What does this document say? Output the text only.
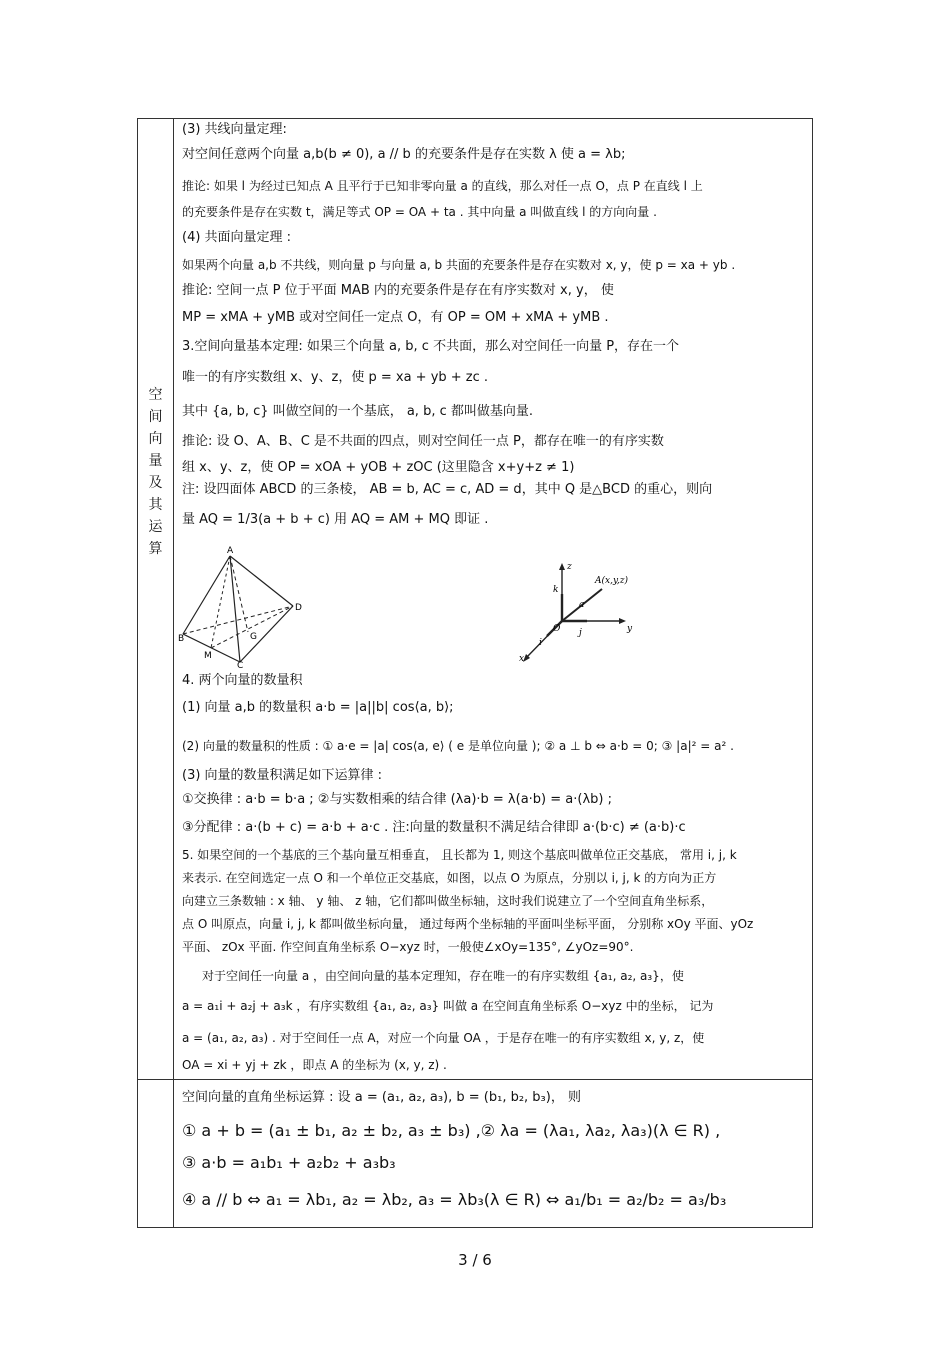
空
间
向
量
及
其
运
算
(3) 共线向量定理:
对空间任意两个向量 a,b(b ≠ 0), a // b 的充要条件是存在实数 λ 使 a = λb;
推论: 如果 l 为经过已知点 A 且平行于已知非零向量 a 的直线，那么对任一点 O，点 P 在直线 l 上
的充要条件是存在实数 t，满足等式 OP = OA + ta . 其中向量 a 叫做直线 l 的方向向量 .
(4) 共面向量定理 :
如果两个向量 a,b 不共线，则向量 p 与向量 a, b 共面的充要条件是存在实数对 x, y，使 p = xa + yb .
推论: 空间一点 P 位于平面 MAB 内的充要条件是存在有序实数对 x, y， 使
MP = xMA + yMB 或对空间任一定点 O，有 OP = OM + xMA + yMB .
3.空间向量基本定理: 如果三个向量 a, b, c 不共面，那么对空间任一向量 P，存在一个
唯一的有序实数组 x、y、z，使 p = xa + yb + zc .
其中 {a, b, c} 叫做空间的一个基底， a, b, c 都叫做基向量.
推论: 设 O、A、B、C 是不共面的四点，则对空间任一点 P，都存在唯一的有序实数
组 x、y、z，使 OP = xOA + yOB + zOC (这里隐含 x+y+z ≠ 1)
注: 设四面体 ABCD 的三条棱， AB = b, AC = c, AD = d，其中 Q 是△BCD 的重心，则向
量 AQ = 1/3(a + b + c) 用 AQ = AM + MQ 即证 .
A
B
C
D
M
G
z
y
x
O
k
j
i
a
A(x,y,z)
4. 两个向量的数量积
(1) 向量 a,b 的数量积 a·b = |a||b| cos⟨a, b⟩;
(2) 向量的数量积的性质 : ① a·e = |a| cos⟨a, e⟩ ( e 是单位向量 ); ② a ⊥ b ⇔ a·b = 0; ③ |a|² = a² .
(3) 向量的数量积满足如下运算律 :
①交换律 : a·b = b·a ; ②与实数相乘的结合律 (λa)·b = λ(a·b) = a·(λb) ;
③分配律 : a·(b + c) = a·b + a·c . 注:向量的数量积不满足结合律即 a·(b·c) ≠ (a·b)·c
5. 如果空间的一个基底的三个基向量互相垂直， 且长都为 1, 则这个基底叫做单位正交基底， 常用 i, j, k
来表示. 在空间选定一点 O 和一个单位正交基底，如图，以点 O 为原点，分别以 i, j, k 的方向为正方
向建立三条数轴 : x 轴、 y 轴、 z 轴，它们都叫做坐标轴，这时我们说建立了一个空间直角坐标系，
点 O 叫原点，向量 i, j, k 都叫做坐标向量， 通过每两个坐标轴的平面叫坐标平面， 分别称 xOy 平面、yOz
平面、 zOx 平面. 作空间直角坐标系 O−xyz 时，一般使∠xOy=135°, ∠yOz=90°.
对于空间任一向量 a ，由空间向量的基本定理知，存在唯一的有序实数组 {a₁, a₂, a₃}，使
a = a₁i + a₂j + a₃k ，有序实数组 {a₁, a₂, a₃} 叫做 a 在空间直角坐标系 O−xyz 中的坐标， 记为
a = (a₁, a₂, a₃) . 对于空间任一点 A，对应一个向量 OA ，于是存在唯一的有序实数组 x, y, z，使
OA = xi + yj + zk ，即点 A 的坐标为 (x, y, z) .
空间向量的直角坐标运算 : 设 a = (a₁, a₂, a₃), b = (b₁, b₂, b₃)， 则
① a + b = (a₁ ± b₁, a₂ ± b₂, a₃ ± b₃) ,② λa = (λa₁, λa₂, λa₃)(λ ∈ R) ,
③ a·b = a₁b₁ + a₂b₂ + a₃b₃
④ a // b ⇔ a₁ = λb₁, a₂ = λb₂, a₃ = λb₃(λ ∈ R) ⇔ a₁/b₁ = a₂/b₂ = a₃/b₃
3 / 6
